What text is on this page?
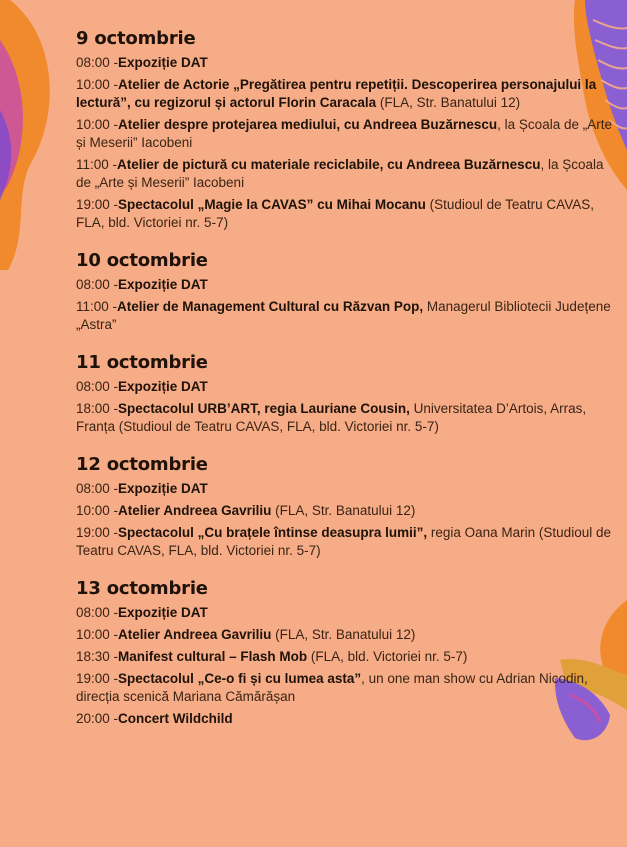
9 octombrie
08:00 -Expoziție DAT
10:00 -Atelier de Actorie „Pregătirea pentru repetiții. Descoperirea personajului la lectură”, cu regizorul și actorul Florin Caracala (FLA, Str. Banatului 12)
10:00 -Atelier despre protejarea mediului, cu Andreea Buzărnescu, la Școala de „Arte și Meserii” Iacobeni
11:00 -Atelier de pictură cu materiale reciclabile, cu Andreea Buzărnescu, la Școala de „Arte și Meserii” Iacobeni
19:00 -Spectacolul „Magie la CAVAS” cu Mihai Mocanu (Studioul de Teatru CAVAS, FLA, bld. Victoriei nr. 5-7)
10 octombrie
08:00 -Expoziție DAT
11:00 -Atelier de Management Cultural cu Răzvan Pop, Managerul Bibliotecii Județene „Astra”
11 octombrie
08:00 -Expoziție DAT
18:00 -Spectacolul URB’ART, regia Lauriane Cousin, Universitatea D’Artois, Arras, Franța (Studioul de Teatru CAVAS, FLA, bld. Victoriei nr. 5-7)
12 octombrie
08:00 -Expoziție DAT
10:00 -Atelier Andreea Gavriliu (FLA, Str. Banatului 12)
19:00 -Spectacolul „Cu brațele întinse deasupra lumii”, regia Oana Marin (Studioul de Teatru CAVAS, FLA, bld. Victoriei nr. 5-7)
13 octombrie
08:00 -Expoziție DAT
10:00 -Atelier Andreea Gavriliu (FLA, Str. Banatului 12)
18:30 -Manifest cultural – Flash Mob (FLA, bld. Victoriei nr. 5-7)
19:00 -Spectacolul „Ce-o fi și cu lumea asta”, un one man show cu Adrian Nicodin, direcția scenică Mariana Cămărășan
20:00 -Concert Wildchild
